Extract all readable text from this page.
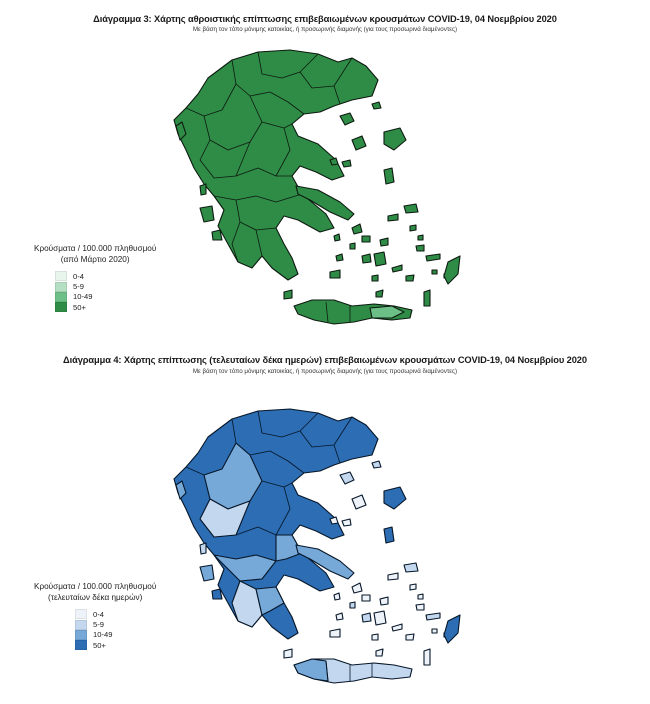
Διάγραμμα 3: Χάρτης αθροιστικής επίπτωσης επιβεβαιωμένων κρουσμάτων COVID-19, 04 Νοεμβρίου 2020
Με βάση τον τόπο μόνιμης κατοικίας, ή προσωρινής διαμονής (για τους προσωρινά διαμένοντες)
Κρούσματα / 100.000 πληθυσμού
(από Μάρτιο 2020)
0-4
5-9
10-49
50+
Διάγραμμα 4: Χάρτης επίπτωσης (τελευταίων δέκα ημερών) επιβεβαιωμένων κρουσμάτων COVID-19, 04 Νοεμβρίου 2020
Με βάση τον τόπο μόνιμης κατοικίας, ή προσωρινής διαμονής (για τους προσωρινά διαμένοντες)
Κρούσματα / 100.000 πληθυσμού
(τελευταίων δέκα ημερών)
0-4
5-9
10-49
50+
